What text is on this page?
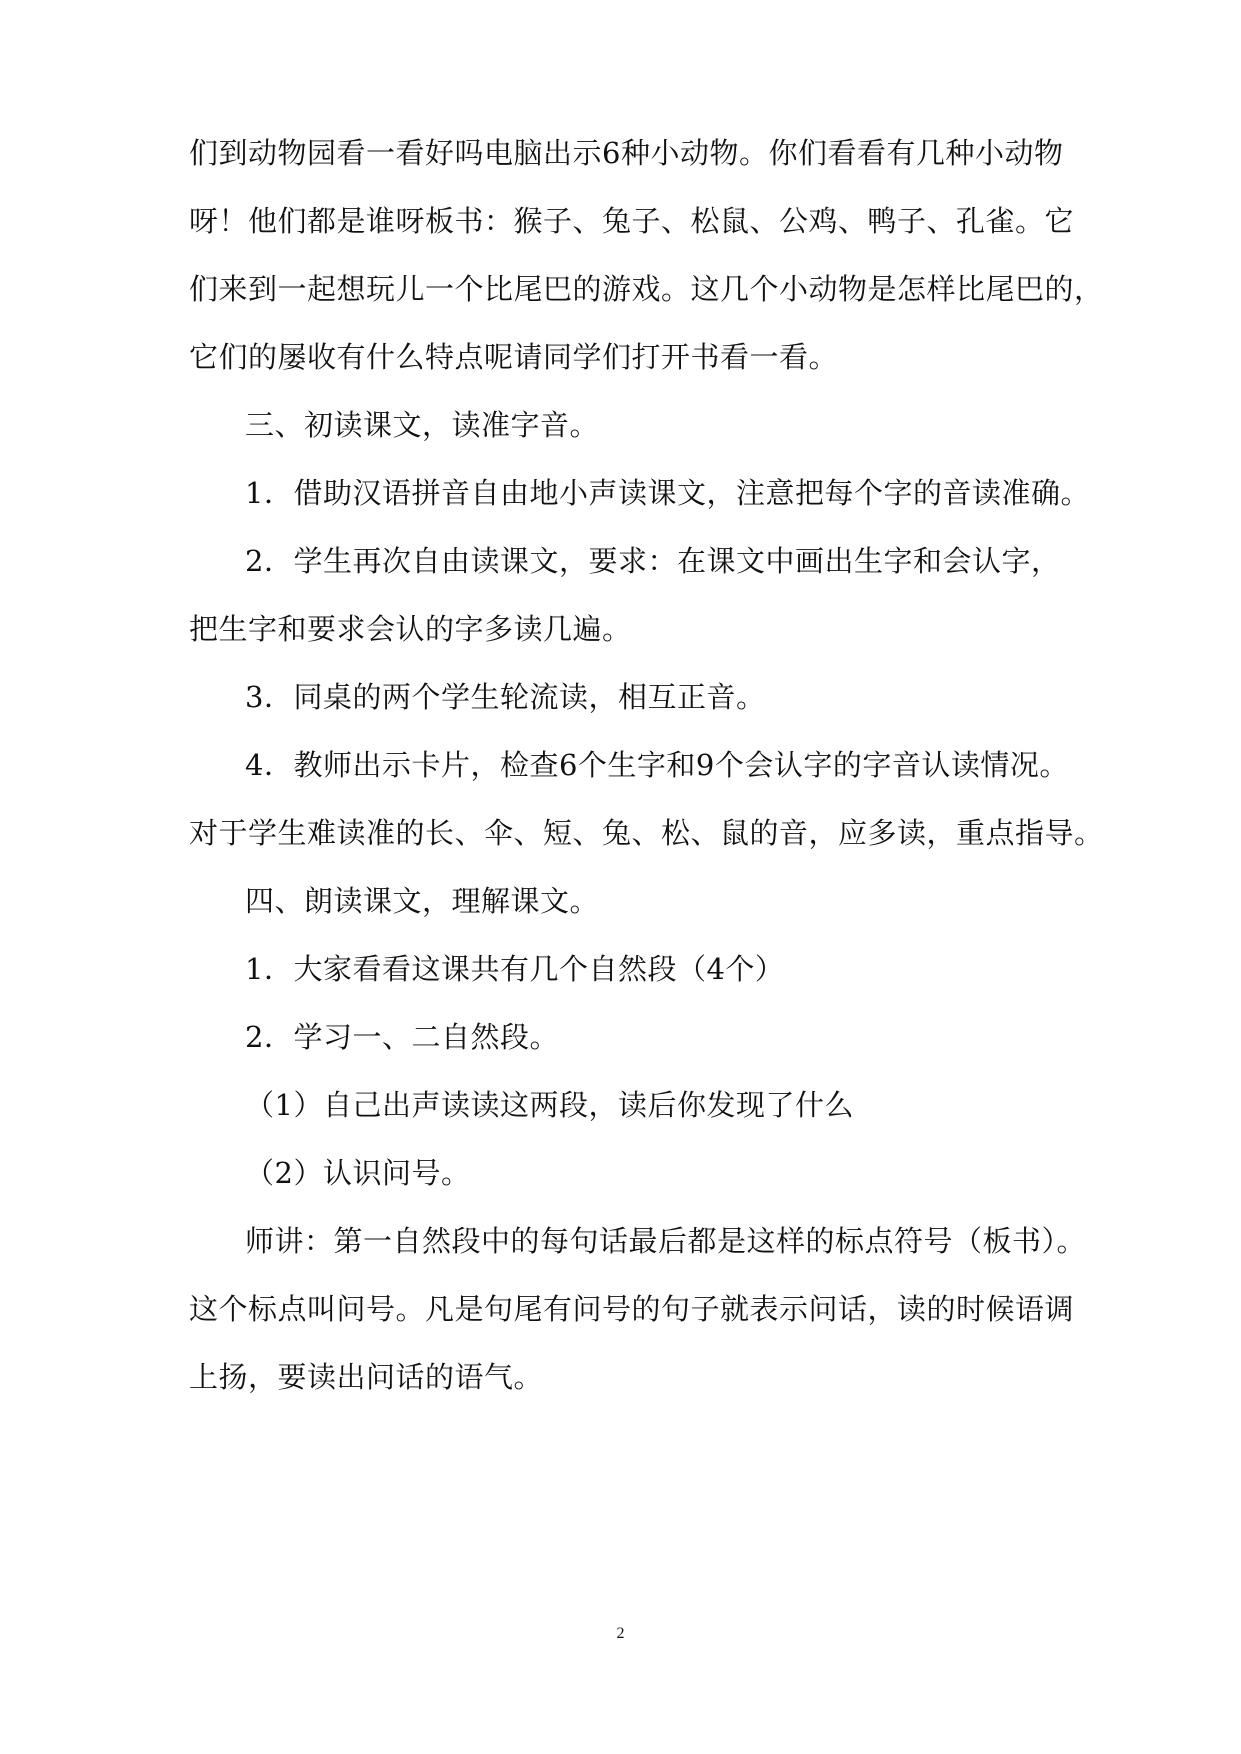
们到动物园看一看好吗电脑出示6种小动物。你们看看有几种小动物
呀！他们都是谁呀板书：猴子、兔子、松鼠、公鸡、鸭子、孔雀。它
们来到一起想玩儿一个比尾巴的游戏。这几个小动物是怎样比尾巴的，
它们的屡收有什么特点呢请同学们打开书看一看。
三、初读课文，读准字音。
1．借助汉语拼音自由地小声读课文，注意把每个字的音读准确。
2．学生再次自由读课文，要求：在课文中画出生字和会认字，
把生字和要求会认的字多读几遍。
3．同桌的两个学生轮流读，相互正音。
4．教师出示卡片，检查6个生字和9个会认字的字音认读情况。
对于学生难读准的长、伞、短、兔、松、鼠的音，应多读，重点指导。
四、朗读课文，理解课文。
1．大家看看这课共有几个自然段（4个）
2．学习一、二自然段。
（1）自己出声读读这两段，读后你发现了什么
（2）认识问号。
师讲：第一自然段中的每句话最后都是这样的标点符号（板书）。
这个标点叫问号。凡是句尾有问号的句子就表示问话，读的时候语调
上扬，要读出问话的语气。
2
